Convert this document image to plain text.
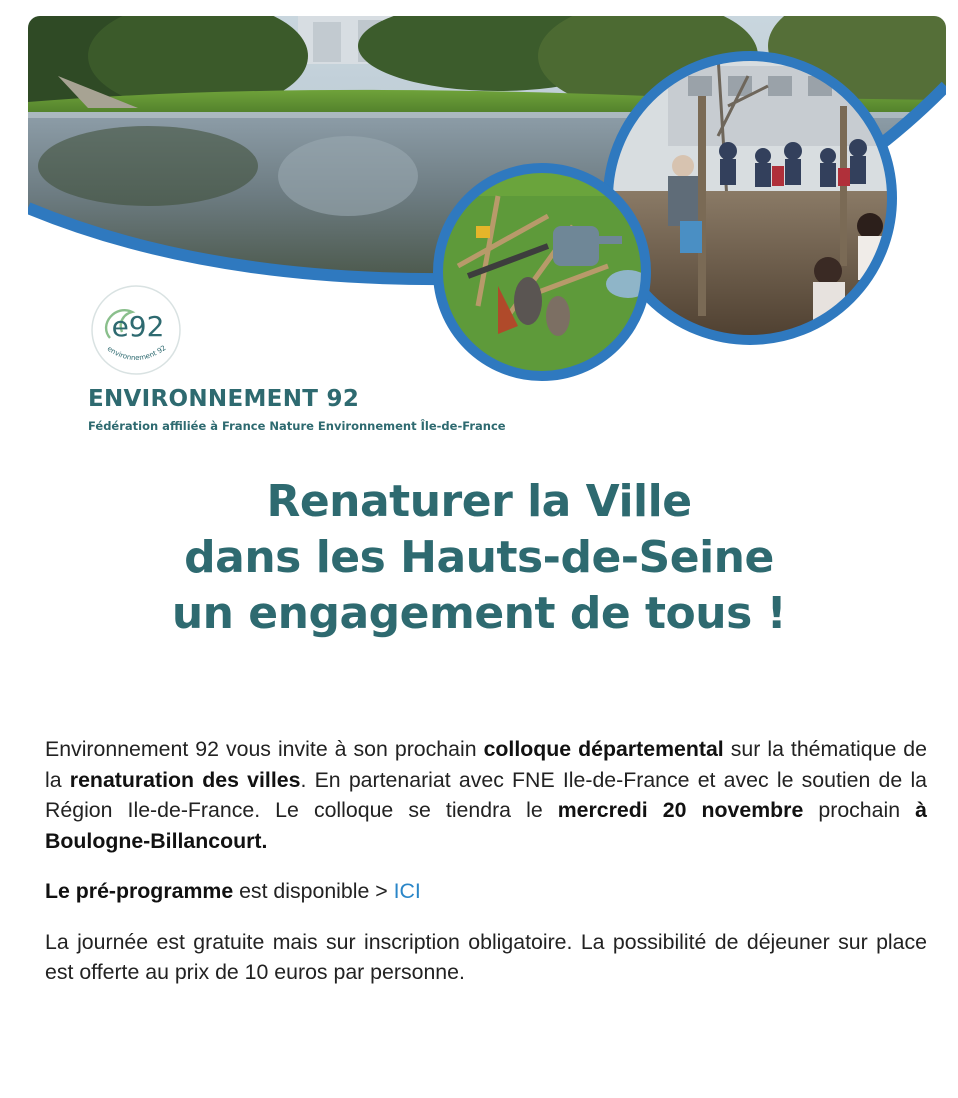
e92
environnement 92
ENVIRONNEMENT 92
Fédération affiliée à France Nature Environnement Île-de-France
Renaturer la Ville
dans les Hauts-de-Seine
un engagement de tous !

Environnement 92 vous invite à son prochain colloque départemental sur la thématique de la renaturation des villes. En partenariat avec FNE Ile-de-France et avec le soutien de la Région Ile-de-France. Le colloque se tiendra le mercredi 20 novembre prochain à Boulogne-Billancourt.

Le pré-programme est disponible > ICI

La journée est gratuite mais sur inscription obligatoire. La possibilité de déjeuner sur place est offerte au prix de 10 euros par personne.
